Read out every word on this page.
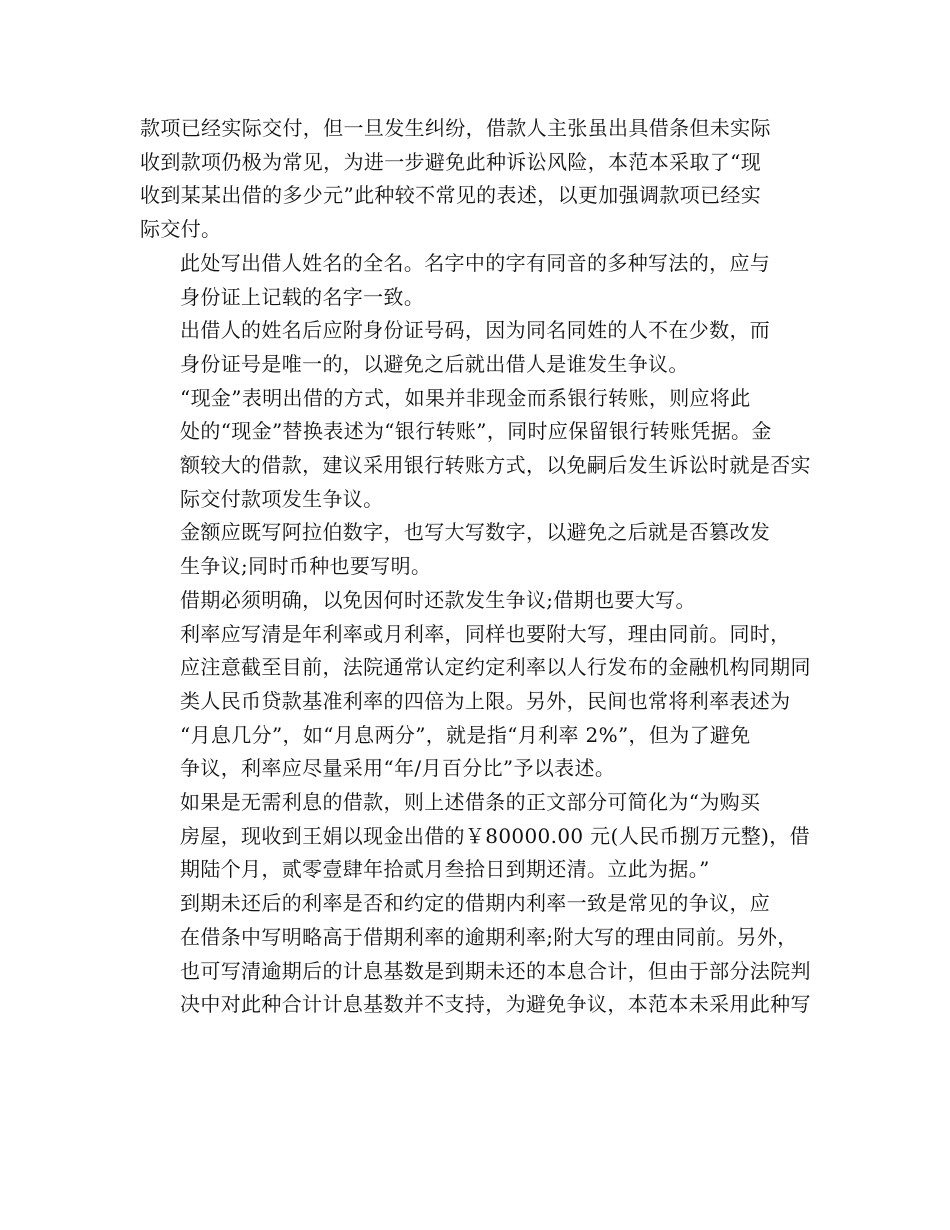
款项已经实际交付，但一旦发生纠纷，借款人主张虽出具借条但未实际
收到款项仍极为常见，为进一步避免此种诉讼风险，本范本采取了“现
收到某某出借的多少元”此种较不常见的表述，以更加强调款项已经实
际交付。

此处写出借人姓名的全名。名字中的字有同音的多种写法的，应与
身份证上记载的名字一致。

出借人的姓名后应附身份证号码，因为同名同姓的人不在少数，而
身份证号是唯一的，以避免之后就出借人是谁发生争议。

“现金”表明出借的方式，如果并非现金而系银行转账，则应将此
处的“现金”替换表述为“银行转账”，同时应保留银行转账凭据。金
额较大的借款，建议采用银行转账方式，以免嗣后发生诉讼时就是否实
际交付款项发生争议。

金额应既写阿拉伯数字，也写大写数字，以避免之后就是否篡改发
生争议;同时币种也要写明。

借期必须明确，以免因何时还款发生争议;借期也要大写。

利率应写清是年利率或月利率，同样也要附大写，理由同前。同时，
应注意截至目前，法院通常认定约定利率以人行发布的金融机构同期同
类人民币贷款基准利率的四倍为上限。另外，民间也常将利率表述为
“月息几分”，如“月息两分”，就是指“月利率 2%”，但为了避免
争议，利率应尽量采用“年/月百分比”予以表述。

如果是无需利息的借款，则上述借条的正文部分可简化为“为购买
房屋，现收到王娟以现金出借的￥80000.00 元(人民币捌万元整)，借
期陆个月，贰零壹肆年拾贰月叁拾日到期还清。立此为据。”

到期未还后的利率是否和约定的借期内利率一致是常见的争议，应
在借条中写明略高于借期利率的逾期利率;附大写的理由同前。另外，
也可写清逾期后的计息基数是到期未还的本息合计，但由于部分法院判
决中对此种合计计息基数并不支持，为避免争议，本范本未采用此种写
